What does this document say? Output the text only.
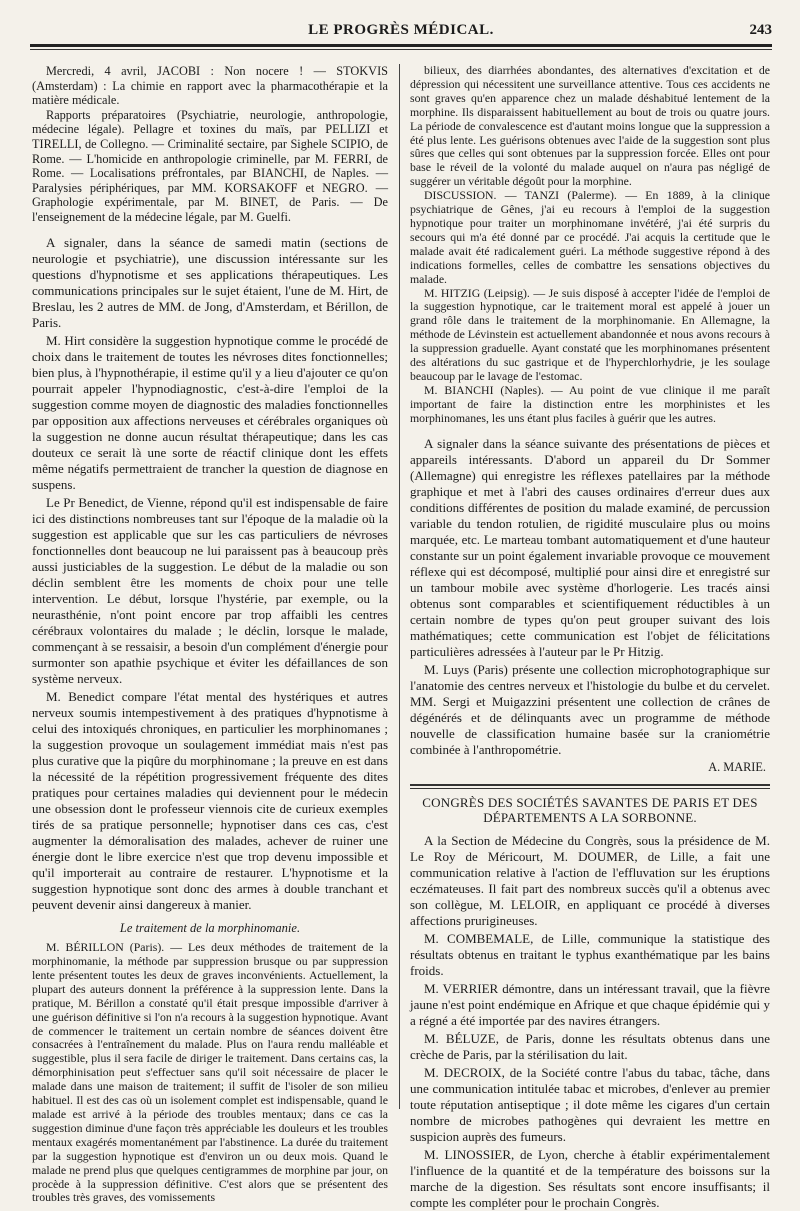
LE PROGRÈS MÉDICAL.	243

Mercredi, 4 avril, JACOBI : Non nocere ! — STOKVIS (Amsterdam) : La chimie en rapport avec la pharmacothérapie et la matière médicale.

Rapports préparatoires (Psychiatrie, neurologie, anthropologie, médecine légale). Pellagre et toxines du maïs, par PELLIZI et TIRELLI, de Collegno. — Criminalité sectaire, par Sighele SCIPIO, de Rome. — L'homicide en anthropologie criminelle, par M. FERRI, de Rome. — Localisations préfrontales, par BIANCHI, de Naples. — Paralysies périphériques, par MM. KORSAKOFF et NEGRO. — Graphologie expérimentale, par M. BINET, de Paris. — De l'enseignement de la médecine légale, par M. Guelfi.

A signaler, dans la séance de samedi matin (sections de neurologie et psychiatrie), une discussion intéressante sur les questions d'hypnotisme et ses applications thérapeutiques. Les communications principales sur le sujet étaient, l'une de M. Hirt, de Breslau, les 2 autres de MM. de Jong, d'Amsterdam, et Bérillon, de Paris.

M. Hirt considère la suggestion hypnotique comme le procédé de choix dans le traitement de toutes les névroses dites fonctionnelles; bien plus, à l'hypnothérapie, il estime qu'il y a lieu d'ajouter ce qu'on pourrait appeler l'hypnodiagnostic, c'est-à-dire l'emploi de la suggestion comme moyen de diagnostic des maladies fonctionnelles par opposition aux affections nerveuses et cérébrales organiques où la suggestion ne donne aucun résultat thérapeutique; dans les cas douteux ce serait là une sorte de réactif clinique dont les effets même négatifs permettraient de trancher la question de diagnose en suspens.

Le Pr Benedict, de Vienne, répond qu'il est indispensable de faire ici des distinctions nombreuses tant sur l'époque de la maladie où la suggestion est applicable que sur les cas particuliers de névroses fonctionnelles dont beaucoup ne lui paraissent pas à beaucoup près aussi justiciables de la suggestion. Le début de la maladie ou son déclin semblent être les moments de choix pour une telle intervention. Le début, lorsque l'hystérie, par exemple, ou la neurasthénie, n'ont point encore par trop affaibli les centres cérébraux volontaires du malade ; le déclin, lorsque le malade, commençant à se ressaisir, a besoin d'un complément d'énergie pour surmonter son apathie psychique et éviter les défaillances de son système nerveux.

M. Benedict compare l'état mental des hystériques et autres nerveux soumis intempestivement à des pratiques d'hypnotisme à celui des intoxiqués chroniques, en particulier les morphinomanes ; la suggestion provoque un soulagement immédiat mais n'est pas plus curative que la piqûre du morphinomane ; la preuve en est dans la nécessité de la répétition progressivement fréquente des dites pratiques pour certaines maladies qui deviennent pour le médecin une obsession dont le professeur viennois cite de curieux exemples tirés de sa pratique personnelle; hypnotiser dans ces cas, c'est augmenter la démoralisation des malades, achever de ruiner une énergie dont le libre exercice n'est que trop devenu impossible et qu'il importerait au contraire de restaurer. L'hypnotisme et la suggestion hypnotique sont donc des armes à double tranchant et peuvent devenir ainsi dangereux à manier.

Le traitement de la morphinomanie.

M. BÉRILLON (Paris). — Les deux méthodes de traitement de la morphinomanie, la méthode par suppression brusque ou par suppression lente présentent toutes les deux de graves inconvénients. Actuellement, la plupart des auteurs donnent la préférence à la suppression lente. Dans la pratique, M. Bérillon a constaté qu'il était presque impossible d'arriver à une guérison définitive si l'on n'a recours à la suggestion hypnotique. Avant de commencer le traitement un certain nombre de séances doivent être consacrées à l'entraînement du malade. Plus on l'aura rendu malléable et suggestible, plus il sera facile de diriger le traitement. Dans certains cas, la démorphinisation peut s'effectuer sans qu'il soit nécessaire de placer le malade dans une maison de traitement; il suffit de l'isoler de son milieu habituel. Il est des cas où un isolement complet est indispensable, quand le malade est arrivé à la période des troubles mentaux; dans ce cas la suggestion diminue d'une façon très appréciable les douleurs et les troubles mentaux exagérés momentanément par l'abstinence. La durée du traitement par la suggestion hypnotique est d'environ un ou deux mois. Quand le malade ne prend plus que quelques centigrammes de morphine par jour, on procède à la suppression définitive. C'est alors que se présentent des troubles très graves, des vomissements

bilieux, des diarrhées abondantes, des alternatives d'excitation et de dépression qui nécessitent une surveillance attentive. Tous ces accidents ne sont graves qu'en apparence chez un malade déshabitué lentement de la morphine. Ils disparaissent habituellement au bout de trois ou quatre jours. La période de convalescence est d'autant moins longue que la suppression a été plus lente. Les guérisons obtenues avec l'aide de la suggestion sont plus sûres que celles qui sont obtenues par la suppression forcée. Elles ont pour base le réveil de la volonté du malade auquel on n'aura pas négligé de suggérer un véritable dégoût pour la morphine.

DISCUSSION. — TANZI (Palerme). — En 1889, à la clinique psychiatrique de Gênes, j'ai eu recours à l'emploi de la suggestion hypnotique pour traiter un morphinomane invétéré, j'ai été surpris du secours qui m'a été donné par ce procédé. J'ai acquis la certitude que le malade avait été radicalement guéri. La méthode suggestive répond à des indications formelles, celles de combattre les sensations objectives du malade.

M. HITZIG (Leipsig). — Je suis disposé à accepter l'idée de l'emploi de la suggestion hypnotique, car le traitement moral est appelé à jouer un grand rôle dans le traitement de la morphinomanie. En Allemagne, la méthode de Lévinstein est actuellement abandonnée et nous avons recours à la suppression graduelle. Ayant constaté que les morphinomanes présentent des altérations du suc gastrique et de l'hyperchlorhydrie, je les soulage beaucoup par le lavage de l'estomac.

M. BIANCHI (Naples). — Au point de vue clinique il me paraît important de faire la distinction entre les morphinistes et les morphinomanes, les uns étant plus faciles à guérir que les autres.

A signaler dans la séance suivante des présentations de pièces et appareils intéressants. D'abord un appareil du Dr Sommer (Allemagne) qui enregistre les réflexes patellaires par la méthode graphique et met à l'abri des causes ordinaires d'erreur dues aux conditions différentes de position du malade examiné, de percussion variable du tendon rotulien, de rigidité musculaire plus ou moins marquée, etc. Le marteau tombant automatiquement et d'une hauteur constante sur un point également invariable provoque ce mouvement réflexe qui est décomposé, multiplié pour ainsi dire et enregistré sur un tambour mobile avec système d'horlogerie. Les tracés ainsi obtenus sont comparables et scientifiquement réductibles à un certain nombre de types qu'on peut grouper suivant des lois mathématiques; cette communication est l'objet de félicitations particulières adressées à l'auteur par le Pr Hitzig.

M. Luys (Paris) présente une collection microphotographique sur l'anatomie des centres nerveux et l'histologie du bulbe et du cervelet. MM. Sergi et Muigazzini présentent une collection de crânes de dégénérés et de délinquants avec un programme de méthode nouvelle de classification humaine basée sur la craniométrie combinée à l'anthropométrie.

A. MARIE.
CONGRÈS DES SOCIÉTÉS SAVANTES DE PARIS ET DES DÉPARTEMENTS A LA SORBONNE.

A la Section de Médecine du Congrès, sous la présidence de M. Le Roy de Méricourt, M. DOUMER, de Lille, a fait une communication relative à l'action de l'effluvation sur les éruptions eczémateuses. Il fait part des nombreux succès qu'il a obtenus avec son collègue, M. LELOIR, en appliquant ce procédé à diverses affections prurigineuses.

M. COMBEMALE, de Lille, communique la statistique des résultats obtenus en traitant le typhus exanthématique par les bains froids.

M. VERRIER démontre, dans un intéressant travail, que la fièvre jaune n'est point endémique en Afrique et que chaque épidémie qui y a régné a été importée par des navires étrangers.

M. BÉLUZE, de Paris, donne les résultats obtenus dans une crèche de Paris, par la stérilisation du lait.

M. DECROIX, de la Société contre l'abus du tabac, tâche, dans une communication intitulée tabac et microbes, d'enlever au premier toute réputation antiseptique ; il dote même les cigares d'un certain nombre de microbes pathogènes qui devraient les mettre en suspicion auprès des fumeurs.

M. LINOSSIER, de Lyon, cherche à établir expérimentalement l'influence de la quantité et de la température des boissons sur la marche de la digestion. Ses résultats sont encore insuffisants; il compte les compléter pour le prochain Congrès.
